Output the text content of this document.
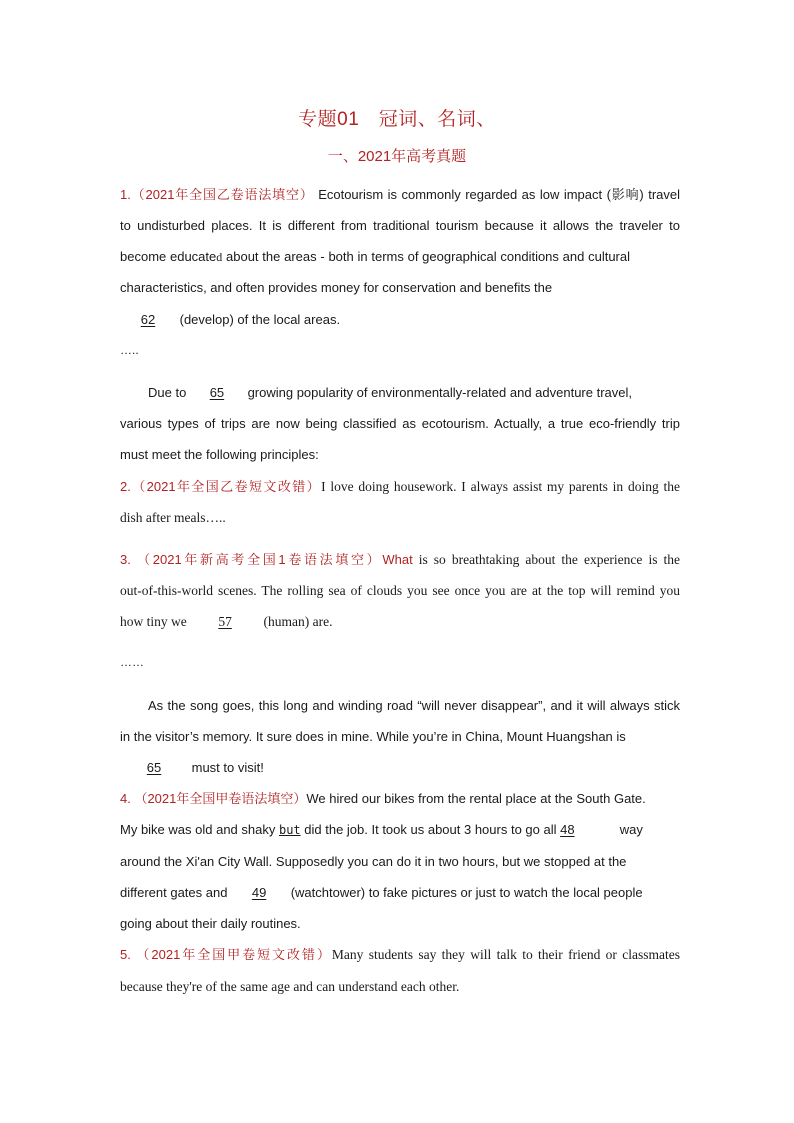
专题01　冠词、名词、
一、2021年高考真题
1.（2021年全国乙卷语法填空） Ecotourism is commonly regarded as low impact (影响) travel
to undisturbed places. It is different from traditional tourism because it allows the traveler to
become educated about the areas - both in terms of geographical conditions and cultural
characteristics, and often provides money for conservation and benefits the
62 (develop) of the local areas.
…..
Due to 65 growing popularity of environmentally-related and adventure travel,
various types of trips are now being classified as ecotourism. Actually, a true eco-friendly trip
must meet the following principles:
2.（2021年全国乙卷短文改错）I love doing housework. I always assist my parents in doing the
dish after meals…..
3. （2021年新高考全国1卷语法填空）What is so breathtaking about the experience is the
out-of-this-world scenes. The rolling sea of clouds you see once you are at the top will remind you
how tiny we 57 (human) are.
……
As the song goes, this long and winding road “will never disappear”, and it will always stick
in the visitor’s memory. It sure does in mine. While you’re in China, Mount Huangshan is
65 must to visit!
4. （2021年全国甲卷语法填空）We hired our bikes from the rental place at the South Gate.
My bike was old and shaky but did the job. It took us about 3 hours to go all 48	way
around the Xi'an City Wall. Supposedly you can do it in two hours, but we stopped at the
different gates and 49 (watchtower) to fake pictures or just to watch the local people
going about their daily routines.
5. （2021年全国甲卷短文改错）Many students say they will talk to their friend or classmates
because they're of the same age and can understand each other.
